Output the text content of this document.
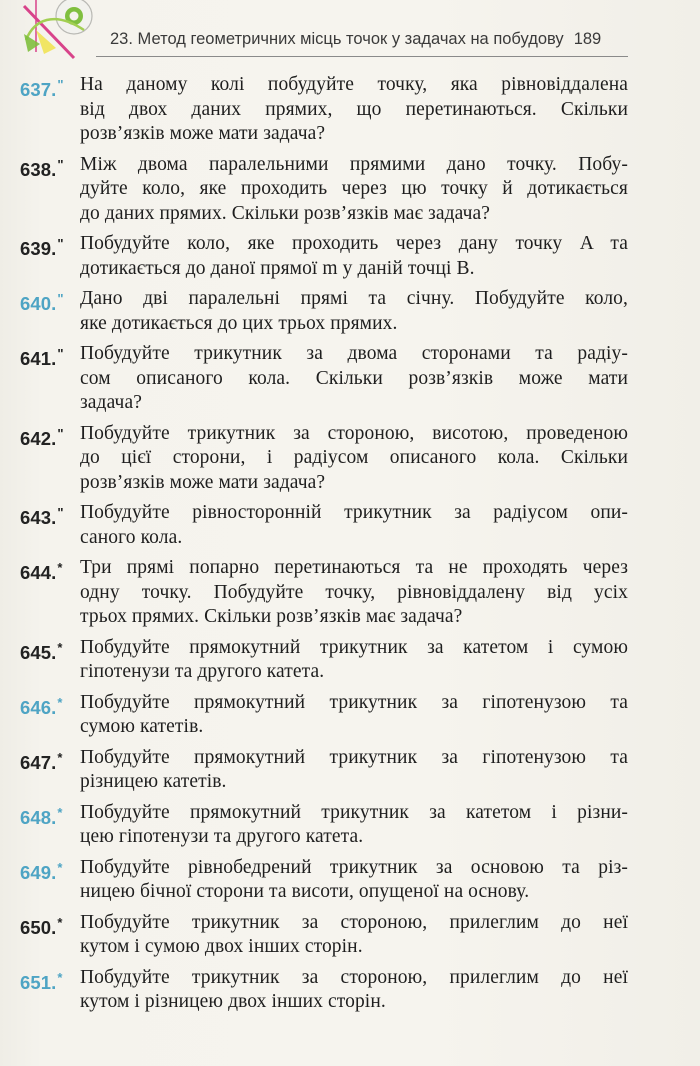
23. Метод геометричних місць точок у задачах на побудову 189
637." На даному колі побудуйте точку, яка рівновіддалена
від двох даних прямих, що перетинаються. Скільки
розв’язків може мати задача?
638." Між двома паралельними прямими дано точку. Побу-
дуйте коло, яке проходить через цю точку й дотикається
до даних прямих. Скільки розв’язків має задача?
639." Побудуйте коло, яке проходить через дану точку A та
дотикається до даної прямої m у даній точці B.
640." Дано дві паралельні прямі та січну. Побудуйте коло,
яке дотикається до цих трьох прямих.
641." Побудуйте трикутник за двома сторонами та радіу-
сом описаного кола. Скільки розв’язків може мати
задача?
642." Побудуйте трикутник за стороною, висотою, проведеною
до цієї сторони, і радіусом описаного кола. Скільки
розв’язків може мати задача?
643." Побудуйте рівносторонній трикутник за радіусом опи-
саного кола.
644.* Три прямі попарно перетинаються та не проходять через
одну точку. Побудуйте точку, рівновіддалену від усіх
трьох прямих. Скільки розв’язків має задача?
645.* Побудуйте прямокутний трикутник за катетом і сумою
гіпотенузи та другого катета.
646.* Побудуйте прямокутний трикутник за гіпотенузою та
сумою катетів.
647.* Побудуйте прямокутний трикутник за гіпотенузою та
різницею катетів.
648.* Побудуйте прямокутний трикутник за катетом і різни-
цею гіпотенузи та другого катета.
649.* Побудуйте рівнобедрений трикутник за основою та різ-
ницею бічної сторони та висоти, опущеної на основу.
650.* Побудуйте трикутник за стороною, прилеглим до неї
кутом і сумою двох інших сторін.
651.* Побудуйте трикутник за стороною, прилеглим до неї
кутом і різницею двох інших сторін.
